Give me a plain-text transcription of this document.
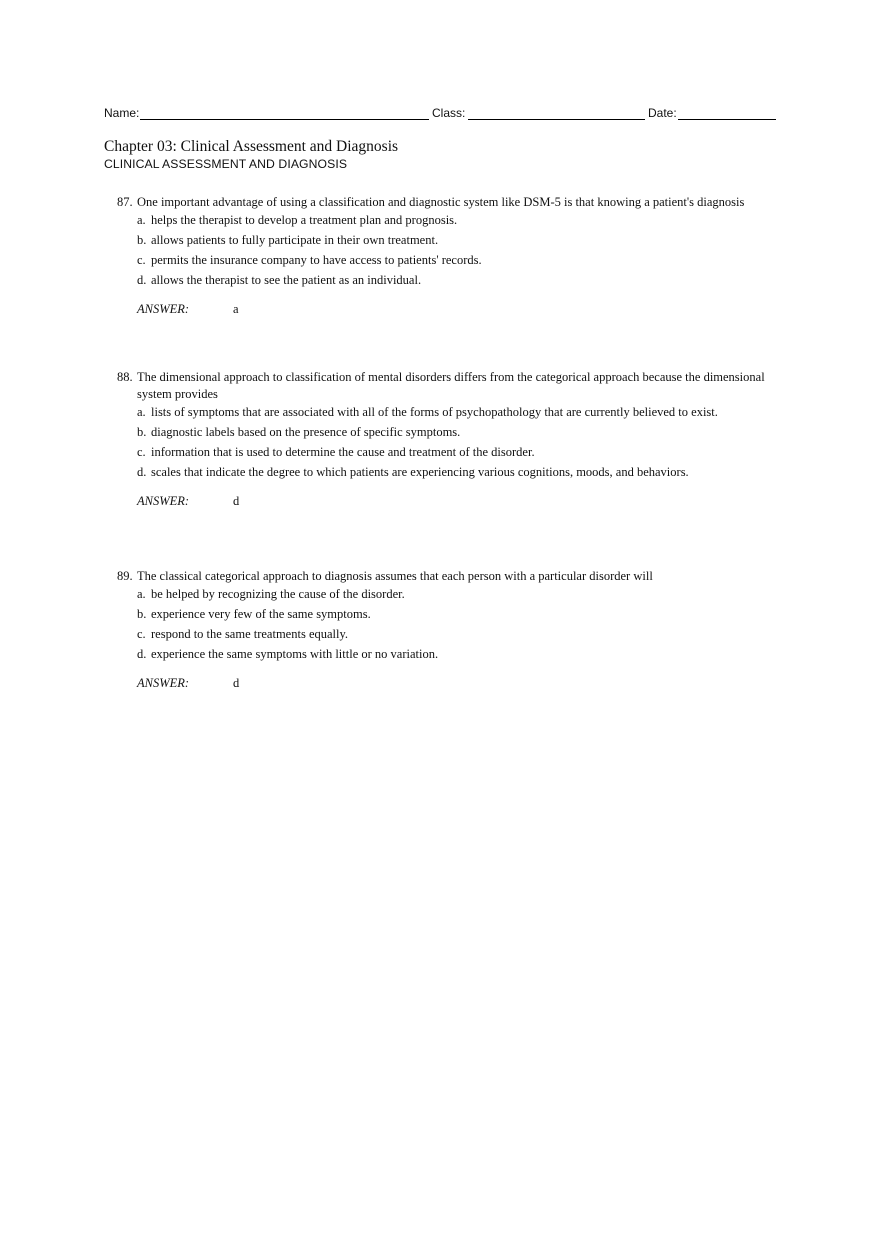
Name:	Class:	Date:
Chapter 03: Clinical Assessment and Diagnosis
CLINICAL ASSESSMENT AND DIAGNOSIS
87. One important advantage of using a classification and diagnostic system like DSM-5 is that knowing a patient's diagnosis
a. helps the therapist to develop a treatment plan and prognosis.
b. allows patients to fully participate in their own treatment.
c. permits the insurance company to have access to patients' records.
d. allows the therapist to see the patient as an individual.
ANSWER:	a
88. The dimensional approach to classification of mental disorders differs from the categorical approach because the dimensional system provides
a. lists of symptoms that are associated with all of the forms of psychopathology that are currently believed to exist.
b. diagnostic labels based on the presence of specific symptoms.
c. information that is used to determine the cause and treatment of the disorder.
d. scales that indicate the degree to which patients are experiencing various cognitions, moods, and behaviors.
ANSWER:	d
89. The classical categorical approach to diagnosis assumes that each person with a particular disorder will
a. be helped by recognizing the cause of the disorder.
b. experience very few of the same symptoms.
c. respond to the same treatments equally.
d. experience the same symptoms with little or no variation.
ANSWER:	d
